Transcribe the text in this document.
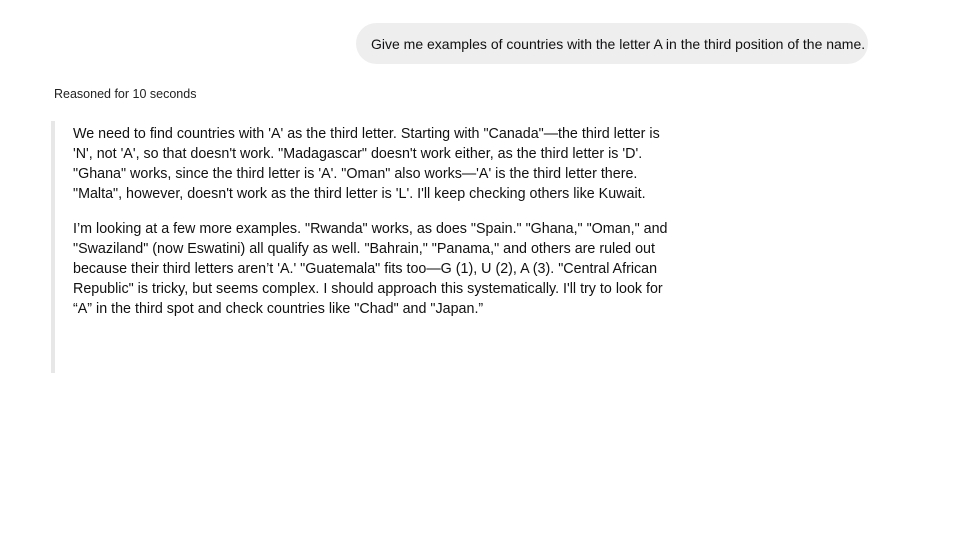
Give me examples of countries with the letter A in the third position of the name.
Reasoned for 10 seconds

We need to find countries with 'A' as the third letter. Starting with "Canada"—the third letter is 'N', not 'A', so that doesn't work. "Madagascar" doesn't work either, as the third letter is 'D'. "Ghana" works, since the third letter is 'A'. "Oman" also works—'A' is the third letter there. "Malta", however, doesn't work as the third letter is 'L'. I'll keep checking others like Kuwait.

I’m looking at a few more examples. "Rwanda" works, as does "Spain." "Ghana," "Oman," and "Swaziland" (now Eswatini) all qualify as well. "Bahrain," "Panama," and others are ruled out because their third letters aren’t 'A.' "Guatemala" fits too—G (1), U (2), A (3). "Central African Republic" is tricky, but seems complex. I should approach this systematically. I'll try to look for “A” in the third spot and check countries like "Chad" and "Japan.”
